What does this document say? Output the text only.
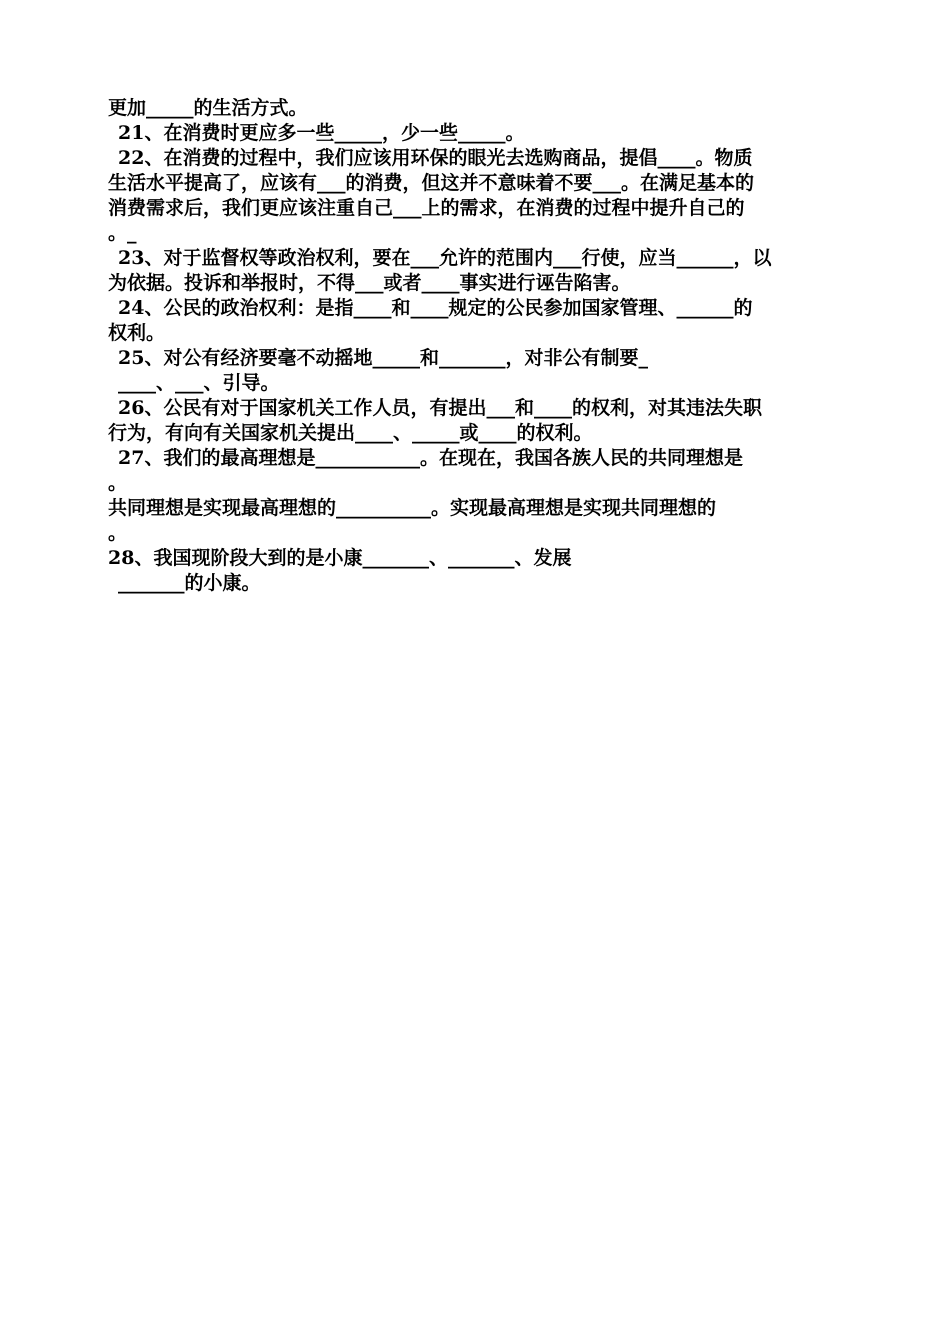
更加_____的生活方式。
21、在消费时更应多一些_____，少一些_____。
22、在消费的过程中，我们应该用环保的眼光去选购商品，提倡____。物质
生活水平提高了，应该有___的消费，但这并不意味着不要___。在满足基本的
消费需求后，我们更应该注重自己___上的需求，在消费的过程中提升自己的
。_
23、对于监督权等政治权利，要在___允许的范围内___行使，应当______，以
为依据。投诉和举报时，不得___或者____事实进行诬告陷害。
24、公民的政治权利：是指____和____规定的公民参加国家管理、______的
权利。
25、对公有经济要毫不动摇地_____和_______，对非公有制要_
____、___、引导。
26、公民有对于国家机关工作人员，有提出___和____的权利，对其违法失职
行为，有向有关国家机关提出____、_____或____的权利。
27、我们的最高理想是___________。在现在，我国各族人民的共同理想是
。
共同理想是实现最高理想的__________。实现最高理想是实现共同理想的
。
28、我国现阶段大到的是小康_______、_______、发展
_______的小康。
